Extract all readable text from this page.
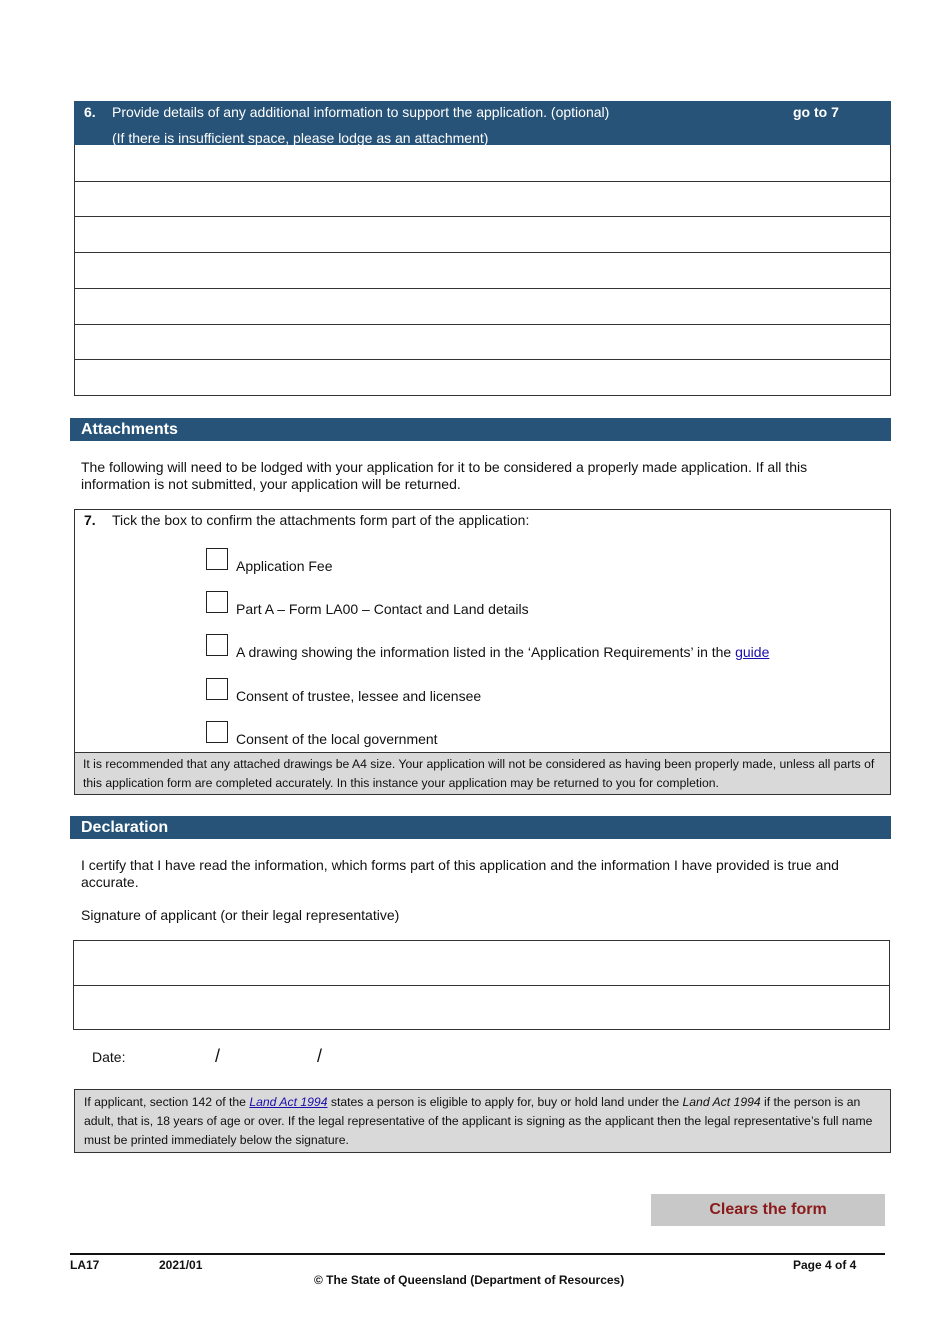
6. Provide details of any additional information to support the application. (optional)
(If there is insufficient space, please lodge as an attachment)
go to 7
Attachments
The following will need to be lodged with your application for it to be considered a properly made application. If all this information is not submitted, your application will be returned.
7. Tick the box to confirm the attachments form part of the application:
Application Fee
Part A – Form LA00 – Contact and Land details
A drawing showing the information listed in the ‘Application Requirements’ in the guide
Consent of trustee, lessee and licensee
Consent of the local government
It is recommended that any attached drawings be A4 size. Your application will not be considered as having been properly made, unless all parts of this application form are completed accurately. In this instance your application may be returned to you for completion.
Declaration
I certify that I have read the information, which forms part of this application and the information I have provided is true and accurate.
Signature of applicant (or their legal representative)
Date:	/	/
If applicant, section 142 of the Land Act 1994 states a person is eligible to apply for, buy or hold land under the Land Act 1994 if the person is an adult, that is, 18 years of age or over. If the legal representative of the applicant is signing as the applicant then the legal representative’s full name must be printed immediately below the signature.
Clears the form
LA17	2021/01	Page 4 of 4
© The State of Queensland (Department of Resources)
